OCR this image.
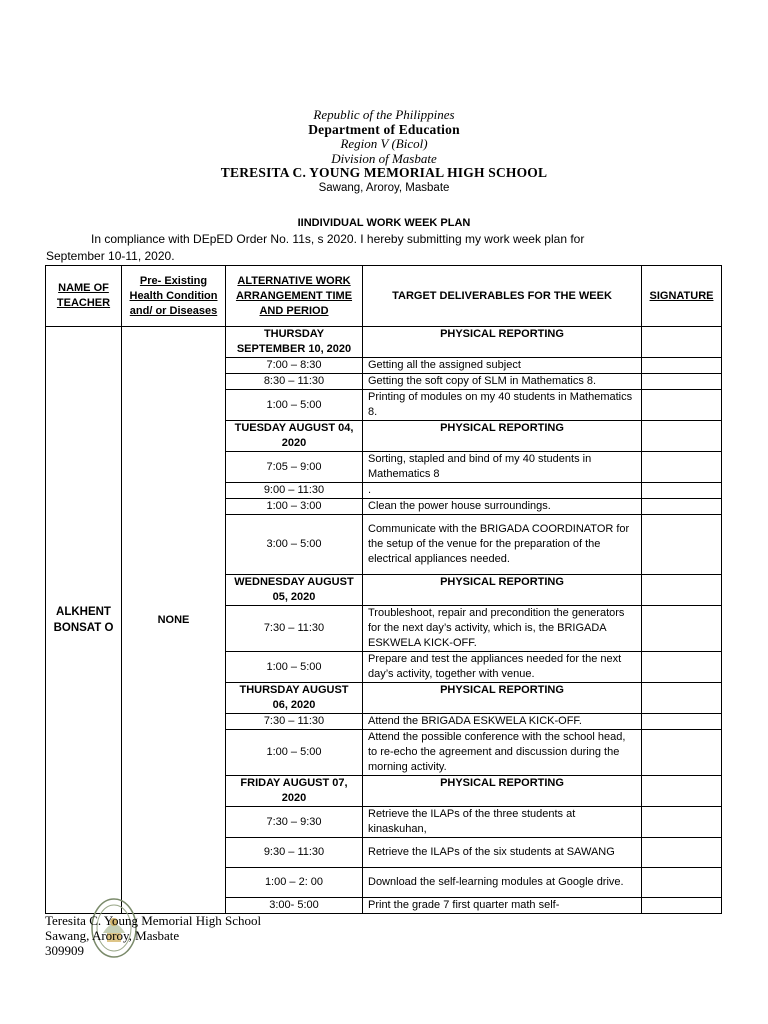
Republic of the Philippines
Department of Education
Region V (Bicol)
Division of Masbate
TERESITA C. YOUNG MEMORIAL HIGH SCHOOL
Sawang, Aroroy, Masbate
IINDIVIDUAL WORK WEEK PLAN
In compliance with DEpED Order No. 11s, s 2020. I hereby submitting my work week plan for
September 10-11, 2020.
NAME OF TEACHER	Pre- Existing Health Condition and/ or Diseases	ALTERNATIVE WORK ARRANGEMENT TIME AND PERIOD	TARGET DELIVERABLES FOR THE WEEK	SIGNATURE
ALKHENT BONSAT O	NONE	THURSDAY SEPTEMBER 10, 2020	PHYSICAL REPORTING	
		7:00 – 8:30	Getting all the assigned subject	
		8:30 – 11:30	Getting the soft copy of SLM in Mathematics 8.	
		1:00 – 5:00	Printing of modules on my 40 students in Mathematics 8.	
		TUESDAY AUGUST 04, 2020	PHYSICAL REPORTING	
		7:05 – 9:00	Sorting, stapled and bind of my 40 students in Mathematics 8	
		9:00 – 11:30	.	
		1:00 – 3:00	Clean the power house surroundings.	
		3:00 – 5:00	Communicate with the BRIGADA COORDINATOR for the setup of the venue for the preparation of the electrical appliances needed.	
		WEDNESDAY AUGUST 05, 2020	PHYSICAL REPORTING	
		7:30 – 11:30	Troubleshoot, repair and precondition the generators for the next day’s activity, which is, the BRIGADA ESKWELA KICK-OFF.	
		1:00 – 5:00	Prepare and test the appliances needed for the next day’s activity, together with venue.	
		THURSDAY AUGUST 06, 2020	PHYSICAL REPORTING	
		7:30 – 11:30	Attend the BRIGADA ESKWELA KICK-OFF.	
		1:00 – 5:00	Attend the possible conference with the school head, to re-echo the agreement and discussion during the morning activity.	
		FRIDAY AUGUST 07, 2020	PHYSICAL REPORTING	
		7:30 – 9:30	Retrieve the ILAPs of the three students at kinaskuhan,	
		9:30 – 11:30	Retrieve the ILAPs of the six students at SAWANG	
		1:00 – 2: 00	Download the self-learning modules at Google drive.	
		3:00- 5:00	Print the grade 7 first quarter math self-	
Teresita C. Young Memorial High School
Sawang, Aroroy, Masbate
309909
